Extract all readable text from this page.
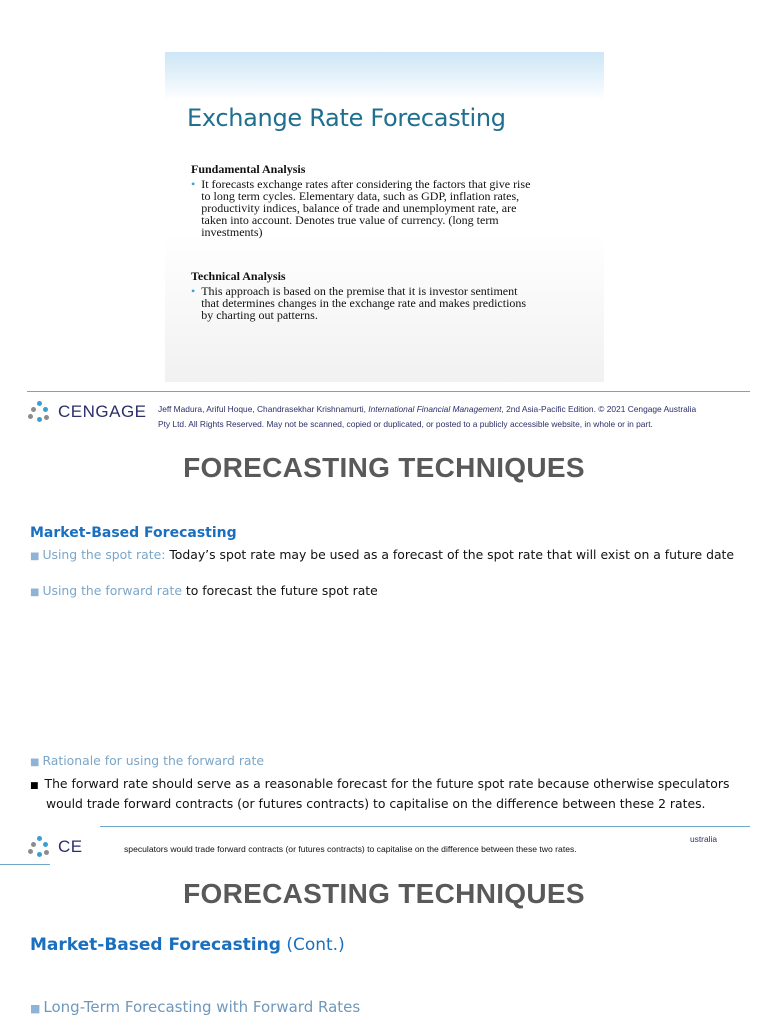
Exchange Rate Forecasting
Fundamental Analysis
• It forecasts exchange rates after considering the factors that give rise
to long term cycles. Elementary data, such as GDP, inflation rates,
productivity indices, balance of trade and unemployment rate, are
taken into account. Denotes true value of currency. (long term
investments)
Technical Analysis
• This approach is based on the premise that it is investor sentiment
that determines changes in the exchange rate and makes predictions
by charting out patterns.
CENGAGE Jeff Madura, Ariful Hoque, Chandrasekhar Krishnamurti, International Financial Management, 2nd Asia-Pacific Edition. © 2021 Cengage Australia
Pty Ltd. All Rights Reserved. May not be scanned, copied or duplicated, or posted to a publicly accessible website, in whole or in part.
FORECASTING TECHNIQUES
Market-Based Forecasting
■ Using the spot rate: Today’s spot rate may be used as a forecast of the spot rate that will exist on a future date
■ Using the forward rate to forecast the future spot rate
■ Rationale for using the forward rate
■ The forward rate should serve as a reasonable forecast for the future spot rate because otherwise speculators would trade forward contracts (or futures contracts) to capitalise on the difference between these 2 rates.
CE	speculators would trade forward contracts (or futures contracts) to capitalise on the difference between these two rates.
ustralia
FORECASTING TECHNIQUES
Market-Based Forecasting (Cont.)
■ Long-Term Forecasting with Forward Rates
